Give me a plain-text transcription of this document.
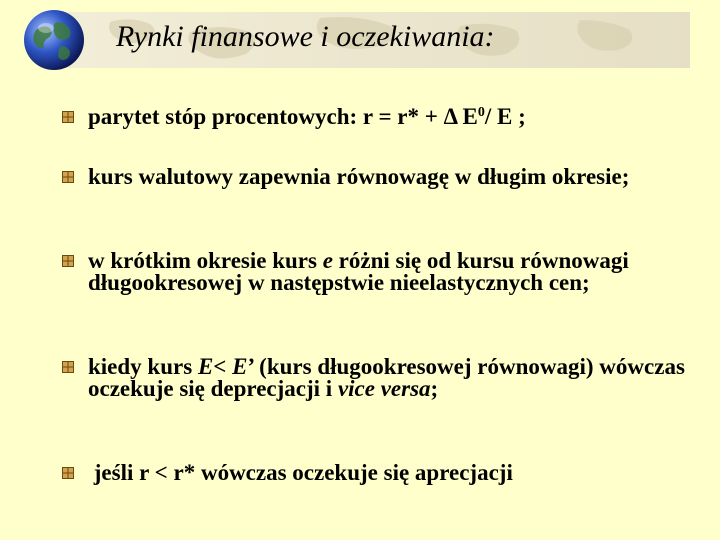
Rynki finansowe i oczekiwania:
parytet stóp procentowych: r = r* + Δ $E^0/$ E ;
kurs walutowy zapewnia równowagę w długim okresie;
w krótkim okresie kurs e różni się od kursu równowagi długookresowej w następstwie nieelastycznych cen;
kiedy kurs E< E’ (kurs długookresowej równowagi) wówczas oczekuje się deprecjacji i vice versa;
jeśli r < r* wówczas oczekuje się aprecjacji
